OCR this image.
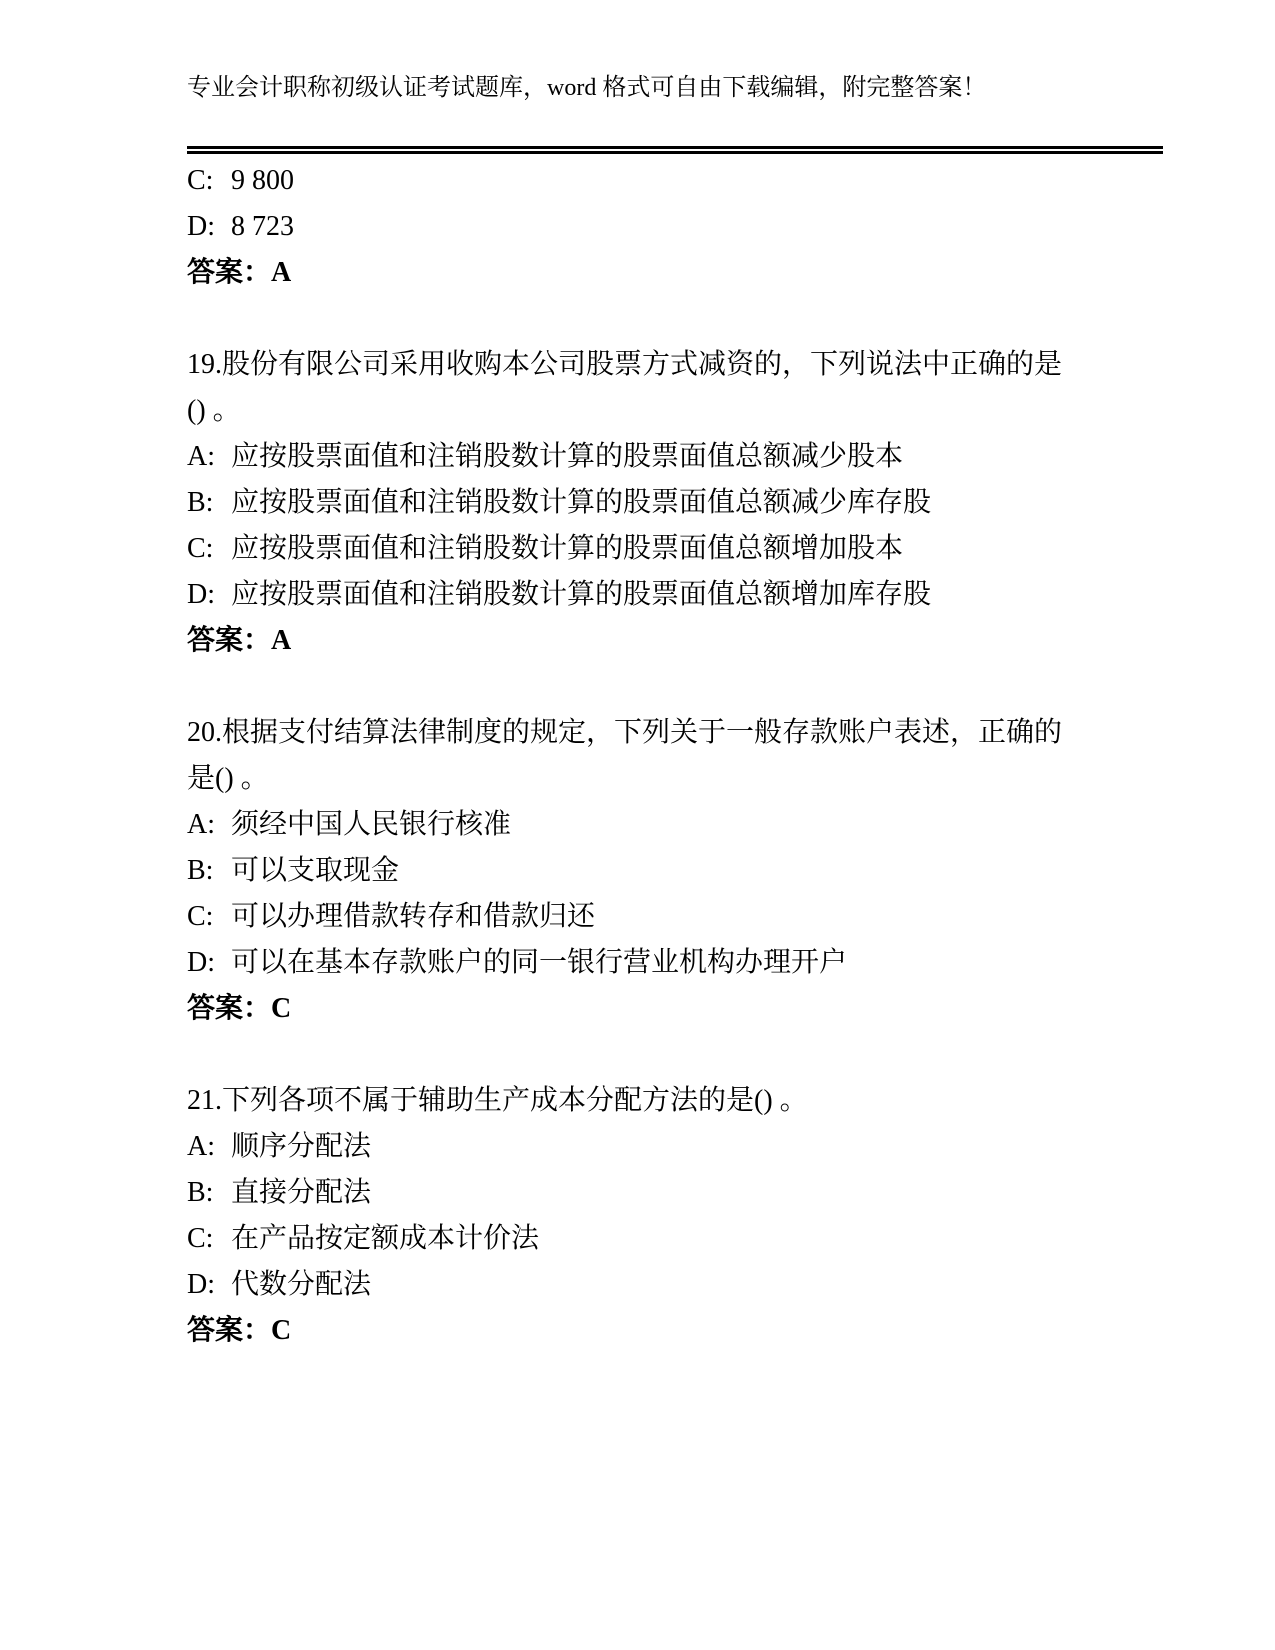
专业会计职称初级认证考试题库，word 格式可自由下载编辑，附完整答案！

C: 9 800

D: 8 723

答案：A

19.股份有限公司采用收购本公司股票方式减资的，下列说法中正确的是() 。

A: 应按股票面值和注销股数计算的股票面值总额减少股本

B: 应按股票面值和注销股数计算的股票面值总额减少库存股

C: 应按股票面值和注销股数计算的股票面值总额增加股本

D: 应按股票面值和注销股数计算的股票面值总额增加库存股

答案：A

20.根据支付结算法律制度的规定，下列关于一般存款账户表述，正确的是() 。

A: 须经中国人民银行核准

B: 可以支取现金

C: 可以办理借款转存和借款归还

D: 可以在基本存款账户的同一银行营业机构办理开户

答案：C

21.下列各项不属于辅助生产成本分配方法的是() 。

A: 顺序分配法

B: 直接分配法

C: 在产品按定额成本计价法

D: 代数分配法

答案：C
